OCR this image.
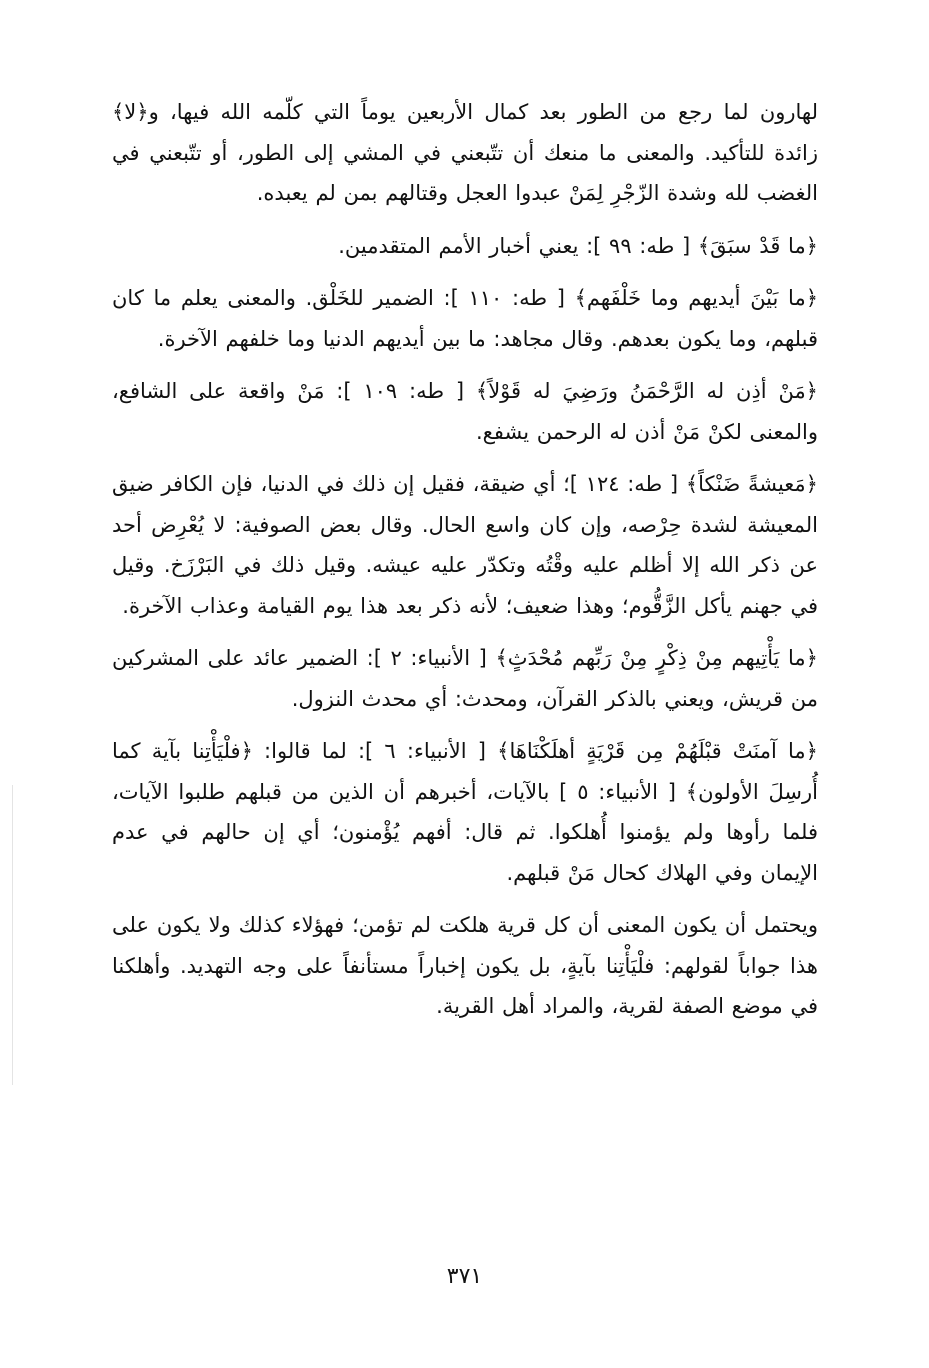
لهارون لما رجع من الطور بعد كمال الأربعين يوماً التي كلّمه الله فيها، و﴿لا﴾ زائدة للتأكيد. والمعنى ما منعك أن تتّبعني في المشي إلى الطور، أو تتّبعني في الغضب لله وشدة الزّجْرِ لِمَنْ عبدوا العجل وقتالهم بمن لم يعبده.

﴿ما قَدْ سبَقَ﴾ [ طه: ٩٩ ]: يعني أخبار الأمم المتقدمين.

﴿ما بَيْنَ أيديهم وما خَلْفَهم﴾ [ طه: ١١٠ ]: الضمير للخَلْق. والمعنى يعلم ما كان قبلهم، وما يكون بعدهم. وقال مجاهد: ما بين أيديهم الدنيا وما خلفهم الآخرة.

﴿مَنْ أذِن له الرَّحْمَنُ ورَضِيَ له قَوْلاً﴾ [ طه: ١٠٩ ]: مَنْ واقعة على الشافع، والمعنى لكنْ مَنْ أذن له الرحمن يشفع.

﴿مَعيشةً ضَنْكاً﴾ [ طه: ١٢٤ ]؛ أي ضيقة، فقيل إن ذلك في الدنيا، فإن الكافر ضيق المعيشة لشدة حِرْصه، وإن كان واسع الحال. وقال بعض الصوفية: لا يُعْرِض أحد عن ذكر الله إلا أظلم عليه وقْتُه وتكدّر عليه عيشه. وقيل ذلك في البَرْزَخ. وقيل في جهنم يأكل الزَّقُّوم؛ وهذا ضعيف؛ لأنه ذكر بعد هذا يوم القيامة وعذاب الآخرة.

﴿ما يَأْتِيهم مِنْ ذِكْرٍ مِنْ رَبِّهم مُحْدَثٍ﴾ [ الأنبياء: ٢ ]: الضمير عائد على المشركين من قريش، ويعني بالذكر القرآن، ومحدث: أي محدث النزول.

﴿ما آمنَتْ قبْلَهُمْ مِن قَرْيَةٍ أهلَكْنَاهَا﴾ [ الأنبياء: ٦ ]: لما قالوا: ﴿فلْيَأْتِنا بآية كما أُرسِلَ الأولون﴾ [ الأنبياء: ٥ ] بالآيات، أخبرهم أن الذين من قبلهم طلبوا الآيات، فلما رأوها ولم يؤمنوا أُهلكوا. ثم قال: أفهم يُؤْمنون؛ أي إن حالهم في عدم الإيمان وفي الهلاك كحال مَنْ قبلهم.

ويحتمل أن يكون المعنى أن كل قرية هلكت لم تؤمن؛ فهؤلاء كذلك ولا يكون على هذا جواباً لقولهم: فلْيَأْتِنا بآيةٍ، بل يكون إخباراً مستأنفاً على وجه التهديد. وأهلكنا في موضع الصفة لقرية، والمراد أهل القرية.

٣٧١
